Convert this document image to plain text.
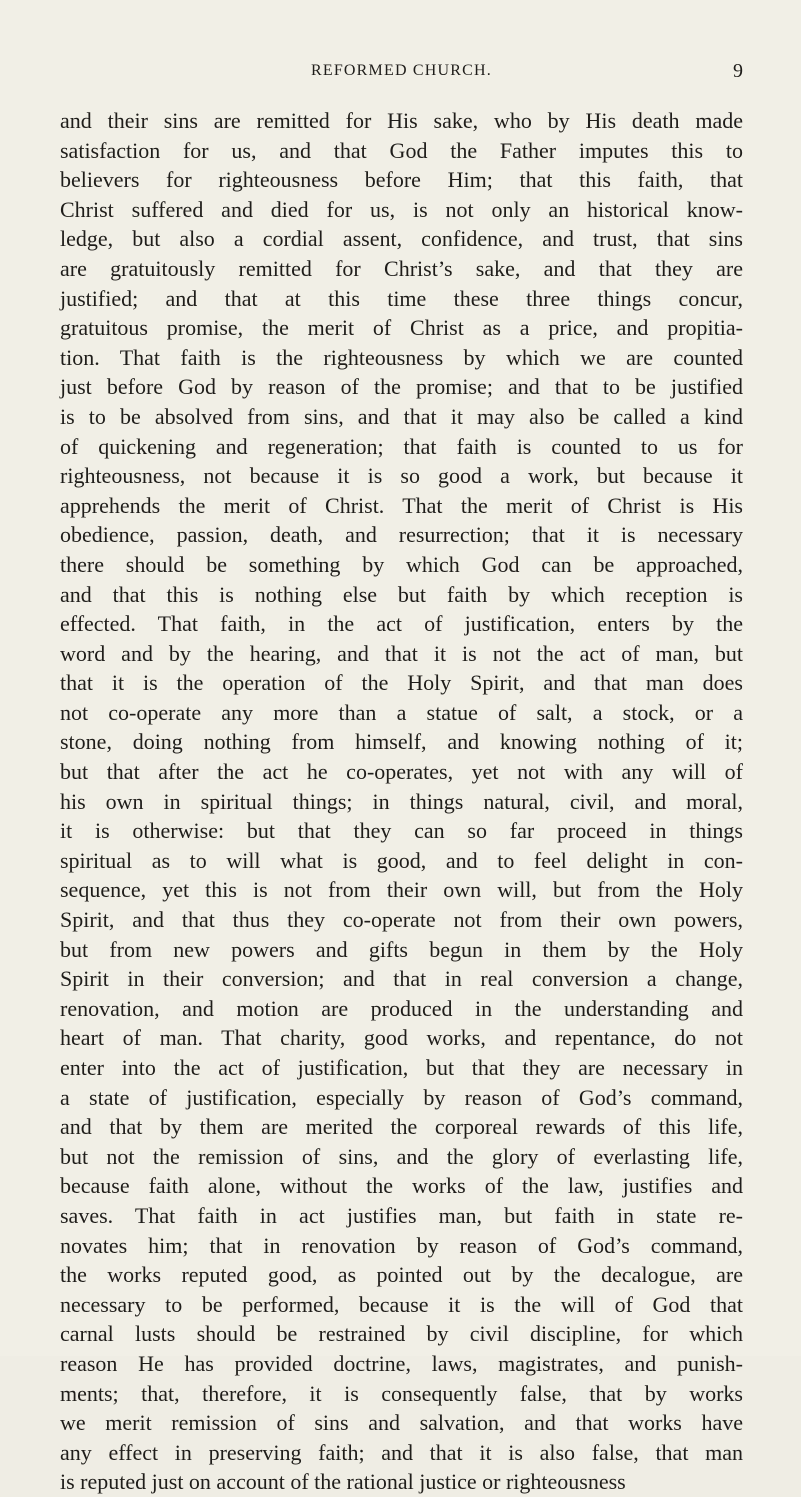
REFORMED CHURCH.	9
and their sins are remitted for His sake, who by His death made
satisfaction for us, and that God the Father imputes this to
believers for righteousness before Him; that this faith, that
Christ suffered and died for us, is not only an historical know-
ledge, but also a cordial assent, confidence, and trust, that sins
are gratuitously remitted for Christ’s sake, and that they are
justified; and that at this time these three things concur,
gratuitous promise, the merit of Christ as a price, and propitia-
tion. That faith is the righteousness by which we are counted
just before God by reason of the promise; and that to be justified
is to be absolved from sins, and that it may also be called a kind
of quickening and regeneration; that faith is counted to us for
righteousness, not because it is so good a work, but because it
apprehends the merit of Christ. That the merit of Christ is His
obedience, passion, death, and resurrection; that it is necessary
there should be something by which God can be approached,
and that this is nothing else but faith by which reception is
effected. That faith, in the act of justification, enters by the
word and by the hearing, and that it is not the act of man, but
that it is the operation of the Holy Spirit, and that man does
not co-operate any more than a statue of salt, a stock, or a
stone, doing nothing from himself, and knowing nothing of it;
but that after the act he co-operates, yet not with any will of
his own in spiritual things; in things natural, civil, and moral,
it is otherwise: but that they can so far proceed in things
spiritual as to will what is good, and to feel delight in con-
sequence, yet this is not from their own will, but from the Holy
Spirit, and that thus they co-operate not from their own powers,
but from new powers and gifts begun in them by the Holy
Spirit in their conversion; and that in real conversion a change,
renovation, and motion are produced in the understanding and
heart of man. That charity, good works, and repentance, do not
enter into the act of justification, but that they are necessary in
a state of justification, especially by reason of God’s command,
and that by them are merited the corporeal rewards of this life,
but not the remission of sins, and the glory of everlasting life,
because faith alone, without the works of the law, justifies and
saves. That faith in act justifies man, but faith in state re-
novates him; that in renovation by reason of God’s command,
the works reputed good, as pointed out by the decalogue, are
necessary to be performed, because it is the will of God that
carnal lusts should be restrained by civil discipline, for which
reason He has provided doctrine, laws, magistrates, and punish-
ments; that, therefore, it is consequently false, that by works
we merit remission of sins and salvation, and that works have
any effect in preserving faith; and that it is also false, that man
is reputed just on account of the rational justice or righteousness
